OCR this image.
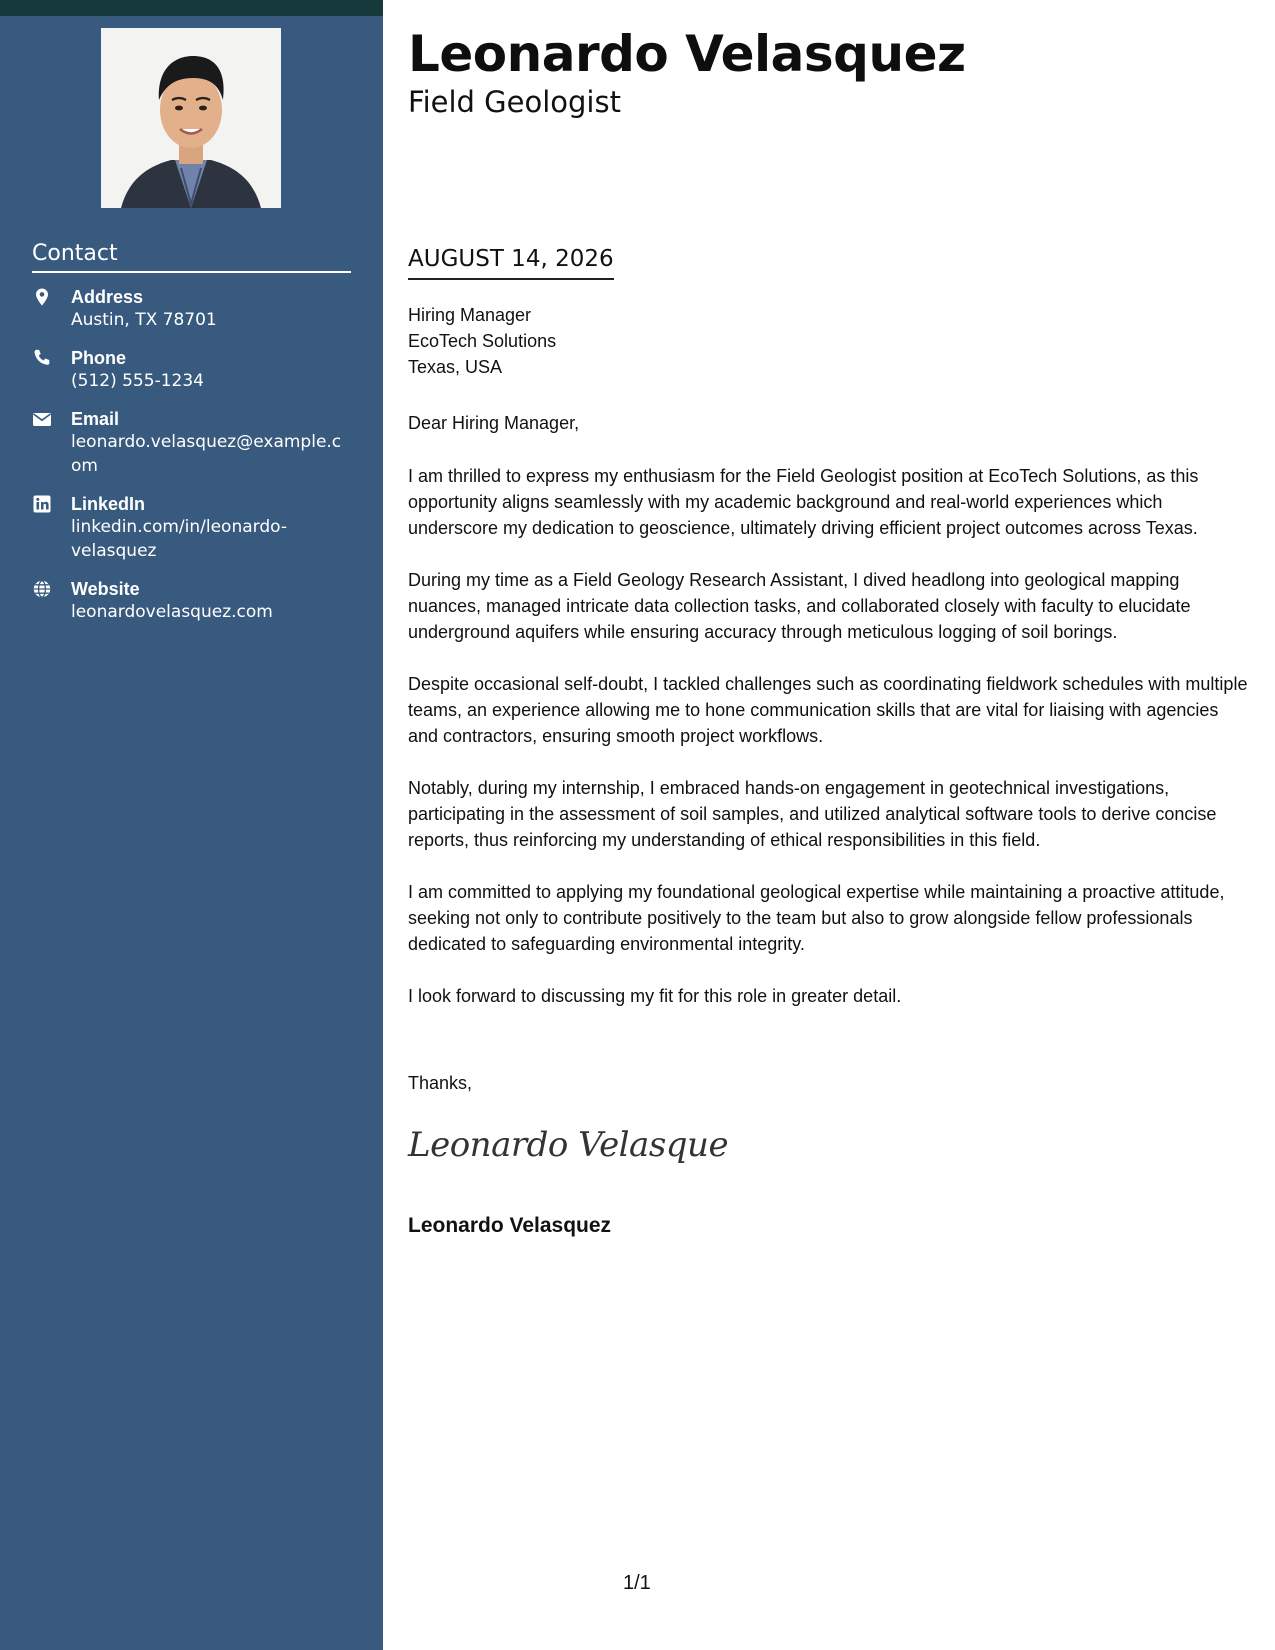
Contact
Address
Austin, TX 78701
Phone
(512) 555-1234
Email
leonardo.velasquez@example.com
LinkedIn
linkedin.com/in/leonardo-velasquez
Website
leonardovelasquez.com
Leonardo Velasquez
Field Geologist
AUGUST 14, 2026
Hiring Manager
EcoTech Solutions
Texas, USA
Dear Hiring Manager,

I am thrilled to express my enthusiasm for the Field Geologist position at EcoTech Solutions, as this opportunity aligns seamlessly with my academic background and real-world experiences which underscore my dedication to geoscience, ultimately driving efficient project outcomes across Texas.

During my time as a Field Geology Research Assistant, I dived headlong into geological mapping nuances, managed intricate data collection tasks, and collaborated closely with faculty to elucidate underground aquifers while ensuring accuracy through meticulous logging of soil borings.

Despite occasional self-doubt, I tackled challenges such as coordinating fieldwork schedules with multiple teams, an experience allowing me to hone communication skills that are vital for liaising with agencies and contractors, ensuring smooth project workflows.

Notably, during my internship, I embraced hands-on engagement in geotechnical investigations, participating in the assessment of soil samples, and utilized analytical software tools to derive concise reports, thus reinforcing my understanding of ethical responsibilities in this field.

I am committed to applying my foundational geological expertise while maintaining a proactive attitude, seeking not only to contribute positively to the team but also to grow alongside fellow professionals dedicated to safeguarding environmental integrity.

I look forward to discussing my fit for this role in greater detail.

Thanks,
Leonardo Velasque
Leonardo Velasquez
1/1
